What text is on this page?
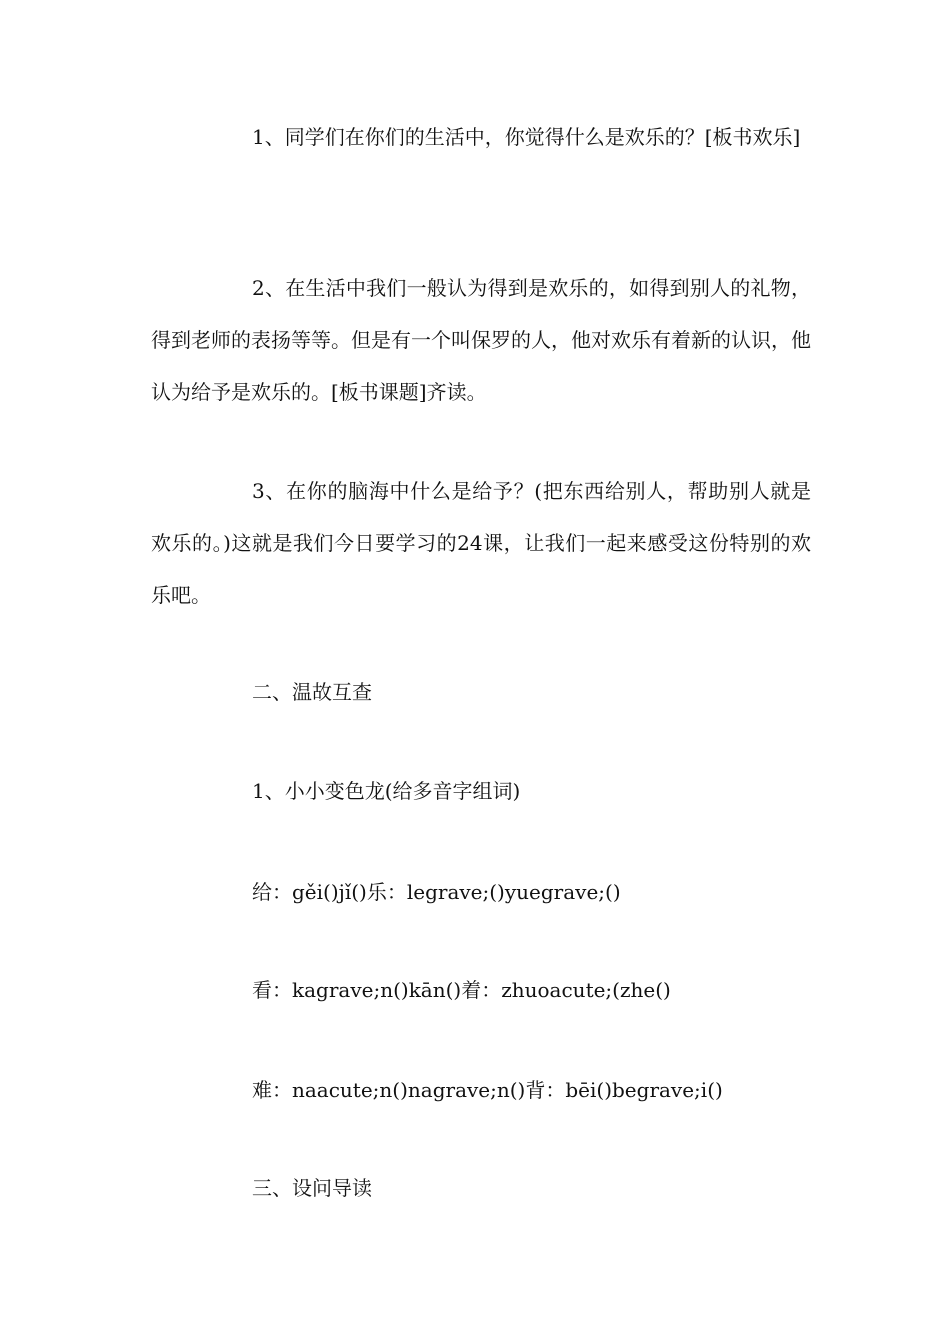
1、同学们在你们的生活中，你觉得什么是欢乐的？[板书欢乐]

2、在生活中我们一般认为得到是欢乐的，如得到别人的礼物，得到老师的表扬等等。但是有一个叫保罗的人，他对欢乐有着新的认识，他认为给予是欢乐的。[板书课题]齐读。

3、在你的脑海中什么是给予？(把东西给别人，帮助别人就是欢乐的。)这就是我们今日要学习的24课，让我们一起来感受这份特别的欢乐吧。

二、温故互查

1、小小变色龙(给多音字组词)

给：gěi()jǐ()乐：legrave;()yuegrave;()

看：kagrave;n()kān()着：zhuoacute;(zhe()

难：naacute;n()nagrave;n()背：bēi()begrave;i()

三、设问导读
